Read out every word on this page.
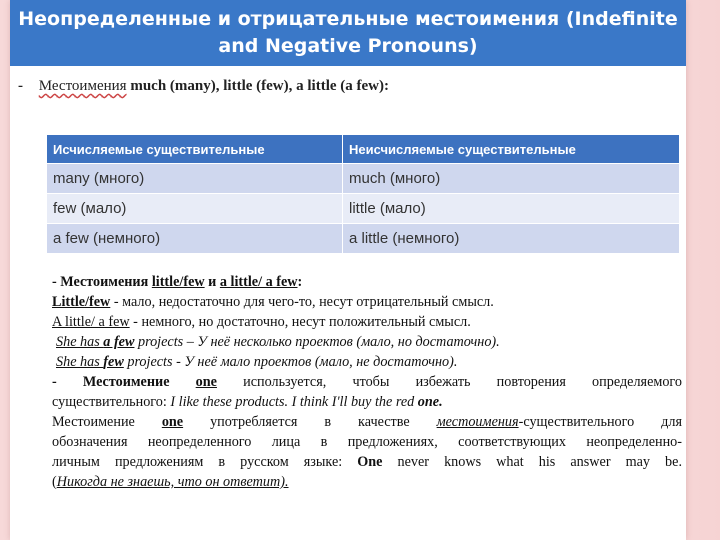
Неопределенные и отрицательные местоимения (Indefinite
and Negative Pronouns)
- Местоимения much (many), little (few), a little (a few):
Исчисляемые существительные	Неисчисляемые существительные
many (много)	much (много)
few (мало)	little (мало)
a few (немного)	a little (немного)

- Местоимения little/few и a little/ a few:

Little/few - мало, недостаточно для чего-то, несут отрицательный смысл.

A little/ a few - немного, но достаточно, несут положительный смысл.

She has a few projects – У неё несколько проектов (мало, но достаточно).

She has few projects - У неё мало проектов (мало, не достаточно).

- Местоимение one используется, чтобы избежать повторения определяемого

существительного: I like these products. I think I'll buy the red one.

Местоимение one употребляется в качестве местоимения-существительного для

обозначения неопределенного лица в предложениях, соответствующих неопределенно-

личным предложениям в русском языке: One never knows what his answer may be.

(Никогда не знаешь, что он ответит).
